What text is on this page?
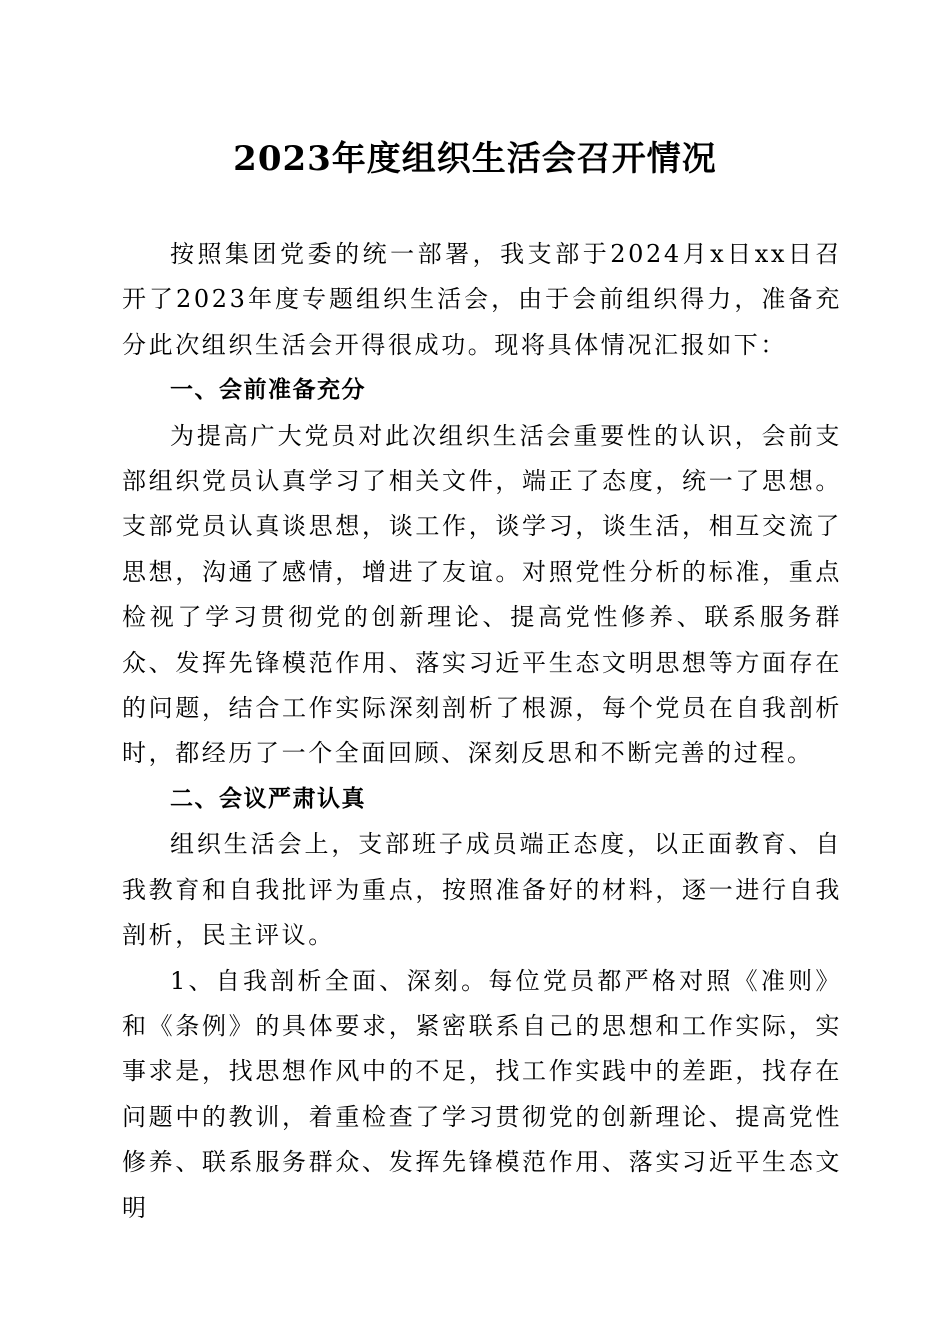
2023年度组织生活会召开情况

按照集团党委的统一部署，我支部于2024月x日xx日召开了2023年度专题组织生活会，由于会前组织得力，准备充分此次组织生活会开得很成功。现将具体情况汇报如下：

一、会前准备充分

为提高广大党员对此次组织生活会重要性的认识，会前支部组织党员认真学习了相关文件，端正了态度，统一了思想。支部党员认真谈思想，谈工作，谈学习，谈生活，相互交流了思想，沟通了感情，增进了友谊。对照党性分析的标准，重点检视了学习贯彻党的创新理论、提高党性修养、联系服务群众、发挥先锋模范作用、落实习近平生态文明思想等方面存在的问题，结合工作实际深刻剖析了根源，每个党员在自我剖析时，都经历了一个全面回顾、深刻反思和不断完善的过程。

二、会议严肃认真

组织生活会上，支部班子成员端正态度，以正面教育、自我教育和自我批评为重点，按照准备好的材料，逐一进行自我剖析，民主评议。

1、自我剖析全面、深刻。每位党员都严格对照《准则》和《条例》的具体要求，紧密联系自己的思想和工作实际，实事求是，找思想作风中的不足，找工作实践中的差距，找存在问题中的教训，着重检查了学习贯彻党的创新理论、提高党性修养、联系服务群众、发挥先锋模范作用、落实习近平生态文明
